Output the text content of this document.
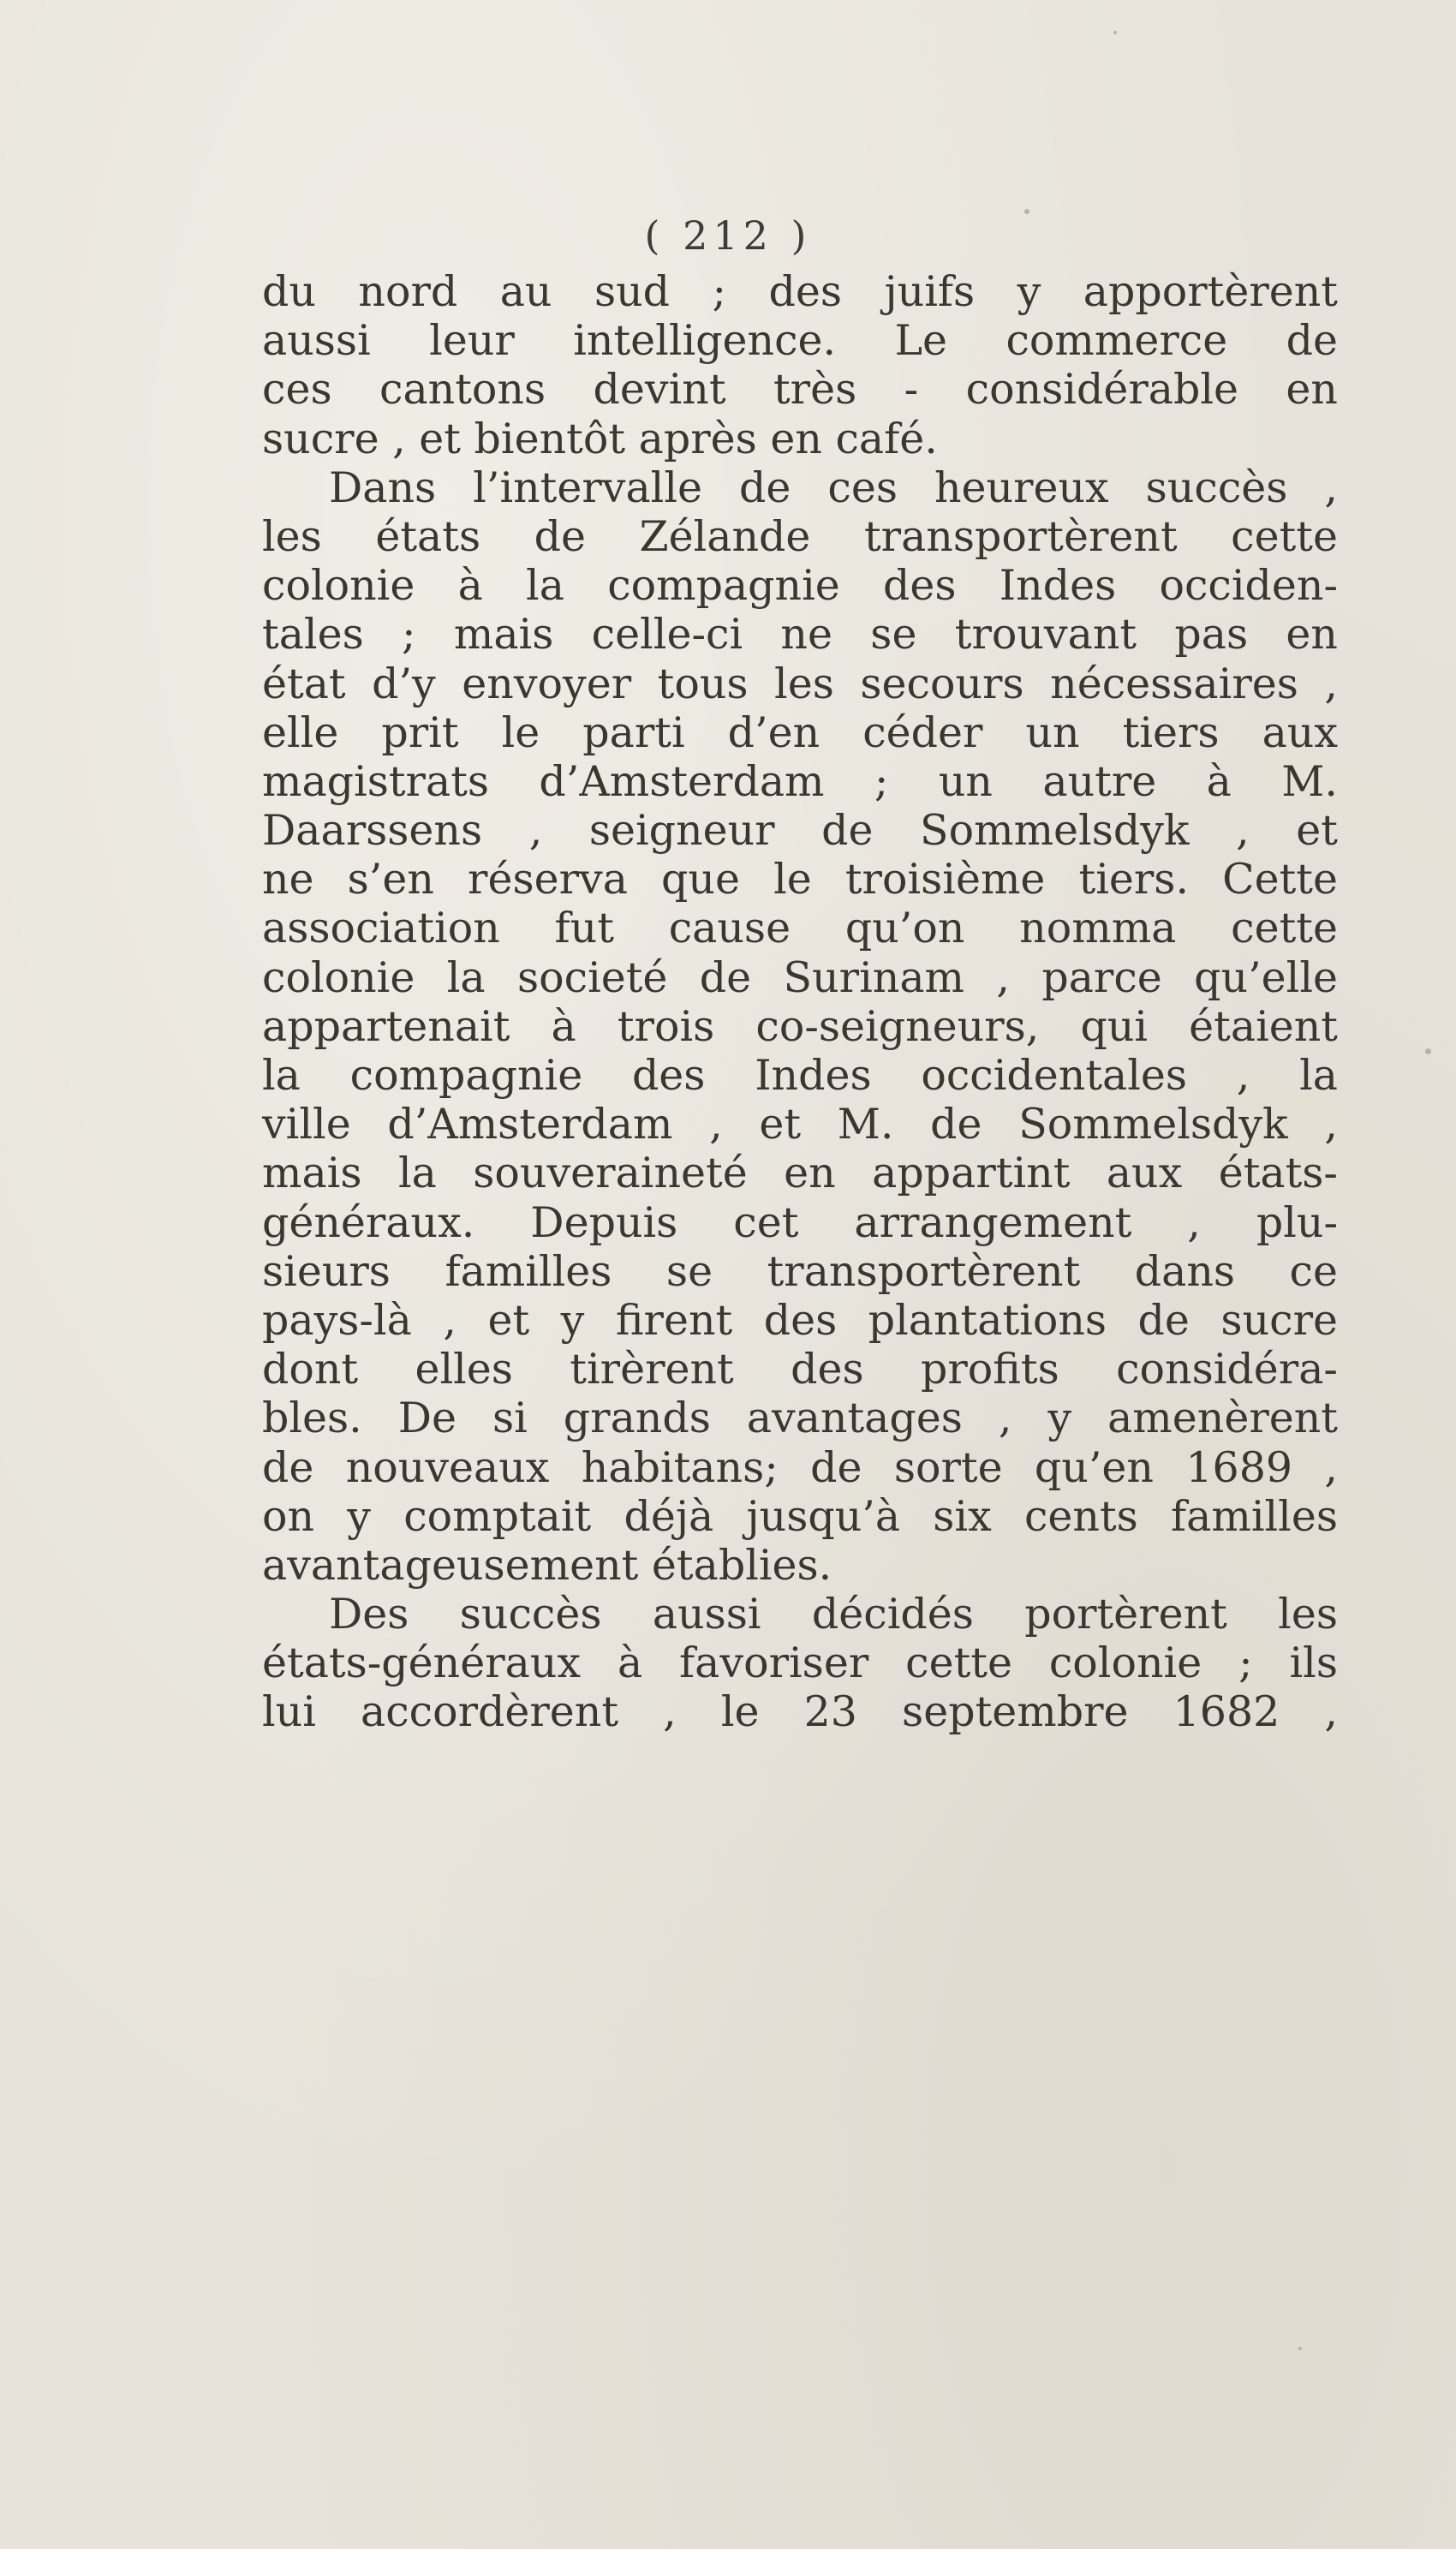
( 212 )
du nord au sud ; des juifs y apportèrent
aussi leur intelligence. Le commerce de
ces cantons devint très - considérable en
sucre , et bientôt après en café.
Dans l’intervalle de ces heureux succès ,
les états de Zélande transportèrent cette
colonie à la compagnie des Indes occiden-
tales ; mais celle-ci ne se trouvant pas en
état d’y envoyer tous les secours nécessaires ,
elle prit le parti d’en céder un tiers aux
magistrats d’Amsterdam ; un autre à M.
Daarssens , seigneur de Sommelsdyk , et
ne s’en réserva que le troisième tiers. Cette
association fut cause qu’on nomma cette
colonie la societé de Surinam , parce qu’elle
appartenait à trois co-seigneurs, qui étaient
la compagnie des Indes occidentales , la
ville d’Amsterdam , et M. de Sommelsdyk ,
mais la souveraineté en appartint aux états-
généraux. Depuis cet arrangement , plu-
sieurs familles se transportèrent dans ce
pays-là , et y firent des plantations de sucre
dont elles tirèrent des profits considéra-
bles. De si grands avantages , y amenèrent
de nouveaux habitans; de sorte qu’en 1689 ,
on y comptait déjà jusqu’à six cents familles
avantageusement établies.
Des succès aussi décidés portèrent les
états-généraux à favoriser cette colonie ; ils
lui accordèrent , le 23 septembre 1682 ,
